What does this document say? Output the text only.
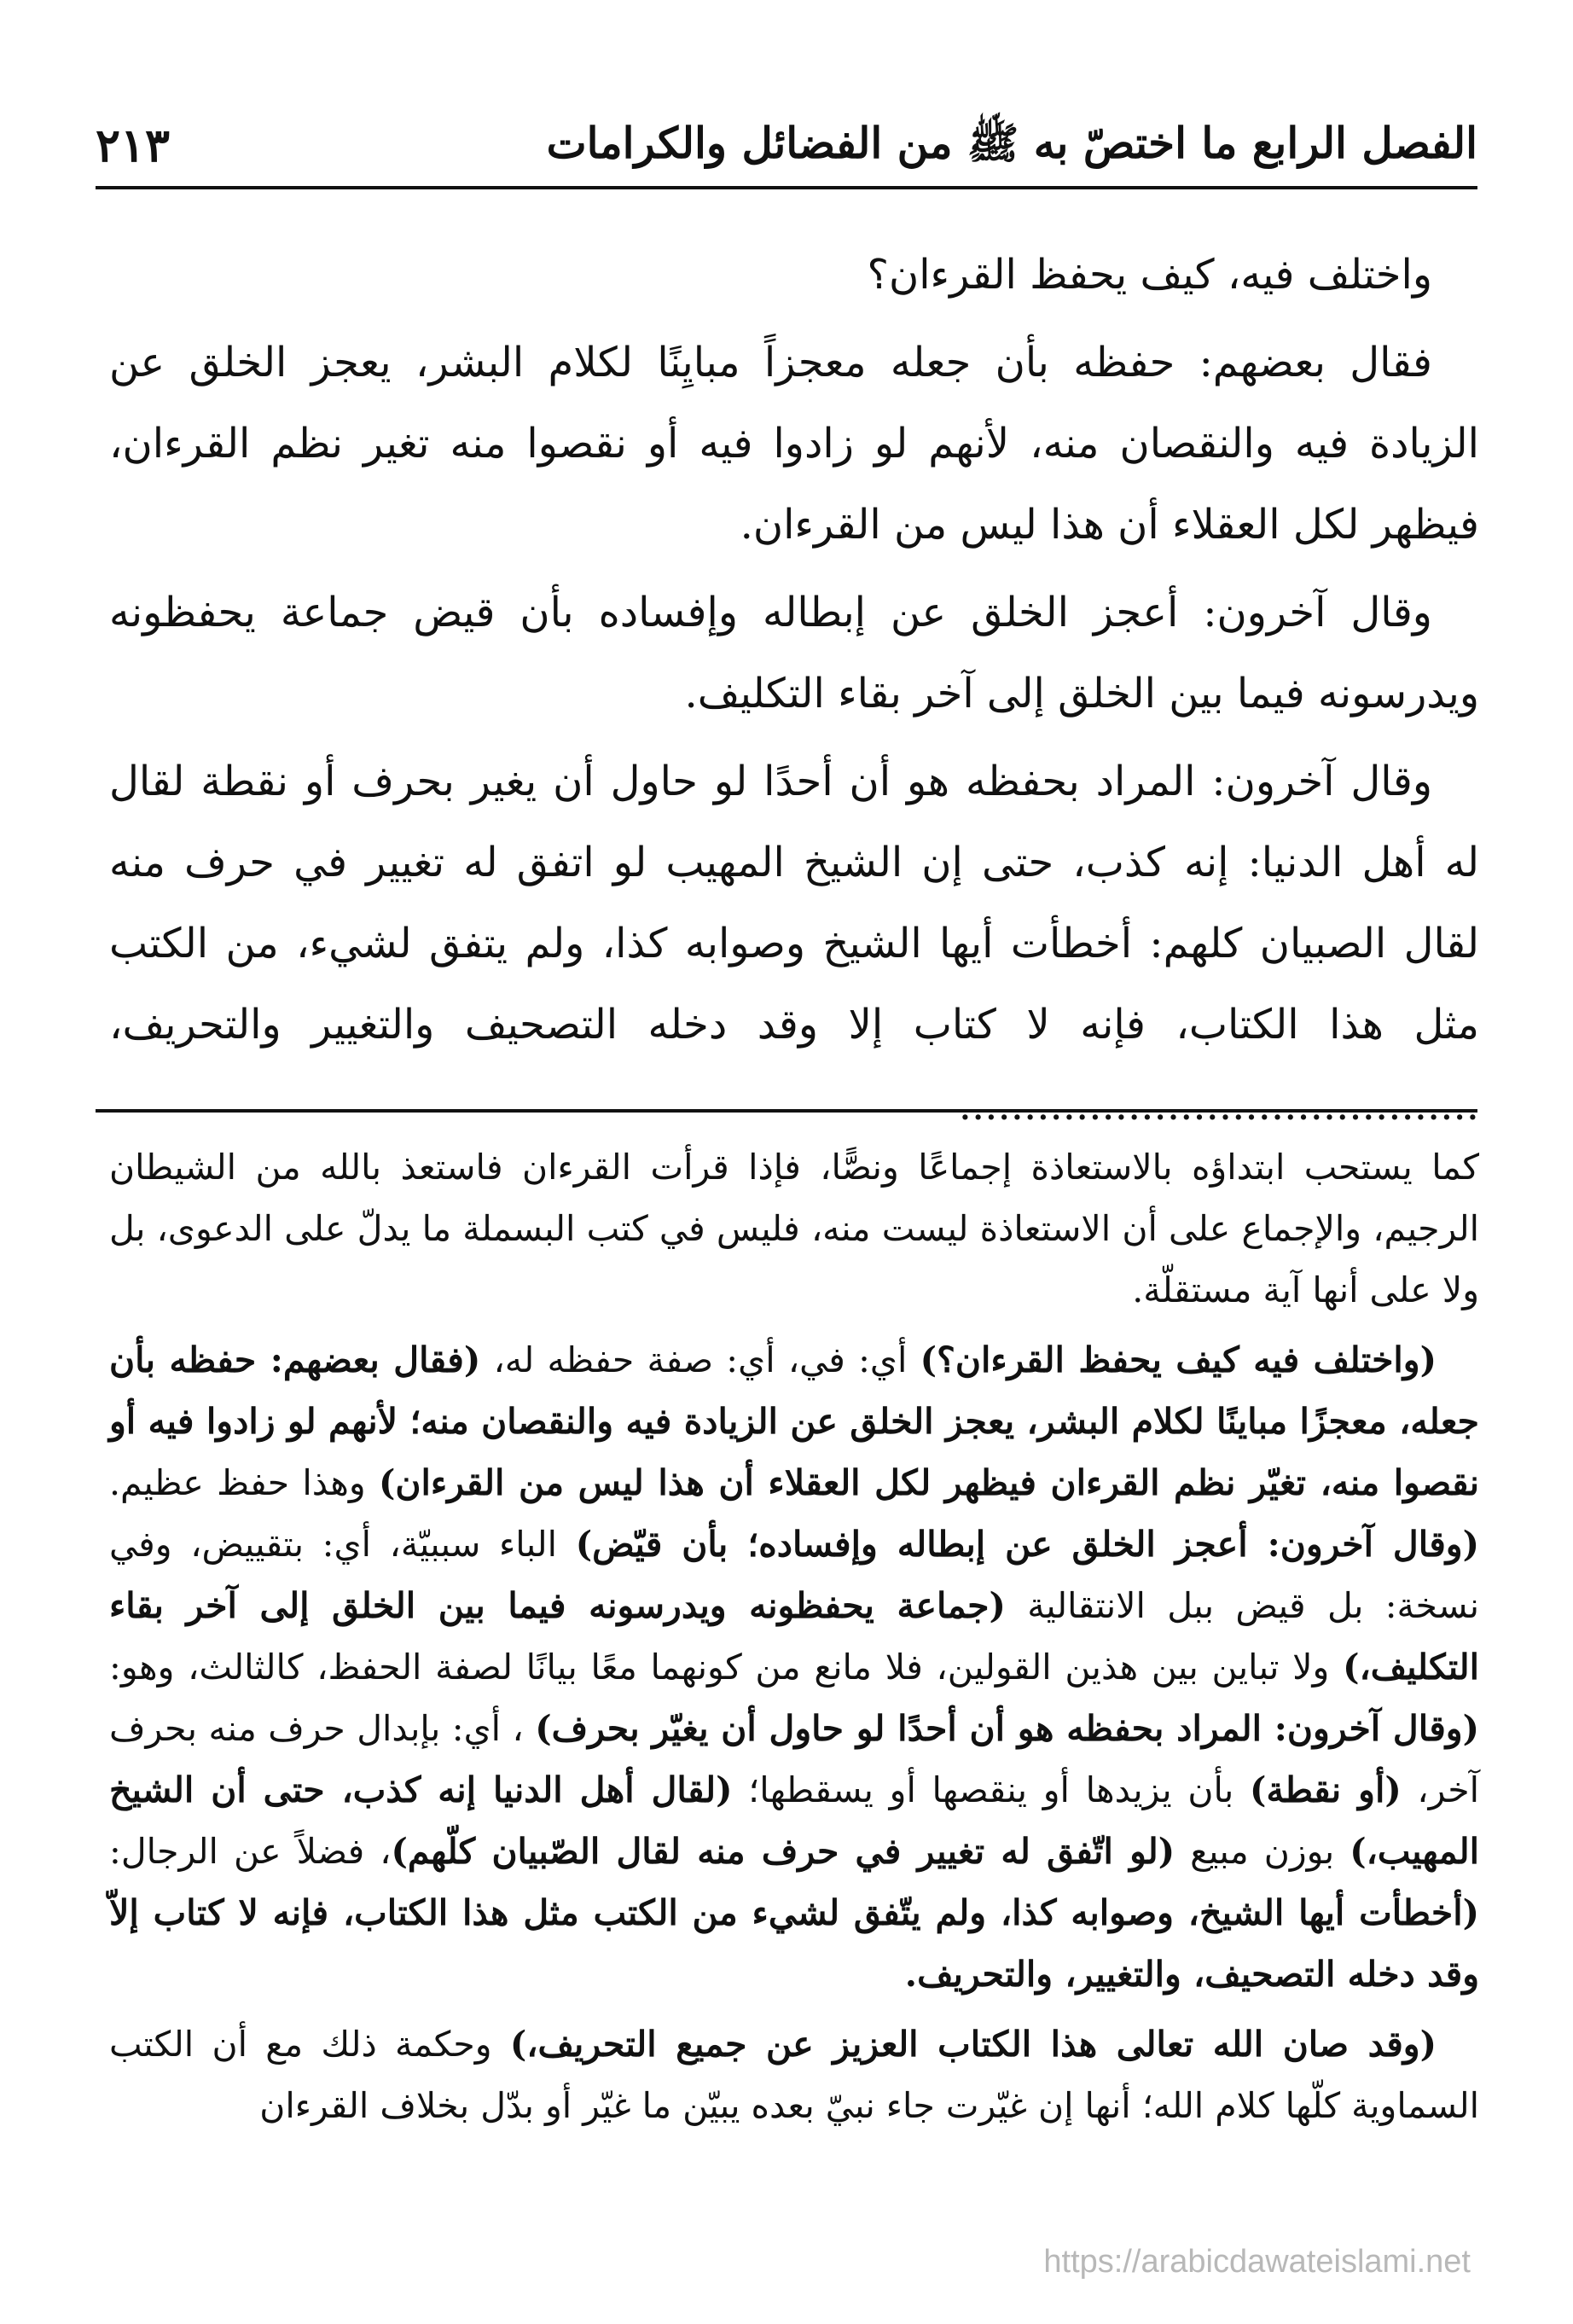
الفصل الرابع ما اختصّ به ﷺ من الفضائل والكرامات
٢١٣

واختلف فيه، كيف يحفظ القرءان؟

فقال بعضهم: حفظه بأن جعله معجزاً مبايِنًا لكلام البشر، يعجز الخلق عن الزيادة فيه والنقصان منه، لأنهم لو زادوا فيه أو نقصوا منه تغير نظم القرءان، فيظهر لكل العقلاء أن هذا ليس من القرءان.

وقال آخرون: أعجز الخلق عن إبطاله وإفساده بأن قيض جماعة يحفظونه ويدرسونه فيما بين الخلق إلى آخر بقاء التكليف.

وقال آخرون: المراد بحفظه هو أن أحدًا لو حاول أن يغير بحرف أو نقطة لقال له أهل الدنيا: إنه كذب، حتى إن الشيخ المهيب لو اتفق له تغيير في حرف منه لقال الصبيان كلهم: أخطأت أيها الشيخ وصوابه كذا، ولم يتفق لشيء، من الكتب مثل هذا الكتاب، فإنه لا كتاب إلا وقد دخله التصحيف والتغيير والتحريف، ........................................

كما يستحب ابتداؤه بالاستعاذة إجماعًا ونصًّا، فإذا قرأت القرءان فاستعذ بالله من الشيطان الرجيم، والإجماع على أن الاستعاذة ليست منه، فليس في كتب البسملة ما يدلّ على الدعوى، بل ولا على أنها آية مستقلّة.

(واختلف فيه كيف يحفظ القرءان؟) أي: في، أي: صفة حفظه له، (فقال بعضهم: حفظه بأن جعله، معجزًا مباينًا لكلام البشر، يعجز الخلق عن الزيادة فيه والنقصان منه؛ لأنهم لو زادوا فيه أو نقصوا منه، تغيّر نظم القرءان فيظهر لكل العقلاء أن هذا ليس من القرءان) وهذا حفظ عظيم. (وقال آخرون: أعجز الخلق عن إبطاله وإفساده؛ بأن قيّض) الباء سببيّة، أي: بتقييض، وفي نسخة: بل قيض ببل الانتقالية (جماعة يحفظونه ويدرسونه فيما بين الخلق إلى آخر بقاء التكليف،) ولا تباين بين هذين القولين، فلا مانع من كونهما معًا بيانًا لصفة الحفظ، كالثالث، وهو: (وقال آخرون: المراد بحفظه هو أن أحدًا لو حاول أن يغيّر بحرف) ، أي: بإبدال حرف منه بحرف آخر، (أو نقطة) بأن يزيدها أو ينقصها أو يسقطها؛ (لقال أهل الدنيا إنه كذب، حتى أن الشيخ المهيب،) بوزن مبيع (لو اتّفق له تغيير في حرف منه لقال الصّبيان كلّهم)، فضلاً عن الرجال: (أخطأت أيها الشيخ، وصوابه كذا، ولم يتّفق لشيء من الكتب مثل هذا الكتاب، فإنه لا كتاب إلاّ وقد دخله التصحيف، والتغيير، والتحريف.

(وقد صان الله تعالى هذا الكتاب العزيز عن جميع التحريف،) وحكمة ذلك مع أن الكتب السماوية كلّها كلام الله؛ أنها إن غيّرت جاء نبيّ بعده يبيّن ما غيّر أو بدّل بخلاف القرءان

https://arabicdawateislami.net
